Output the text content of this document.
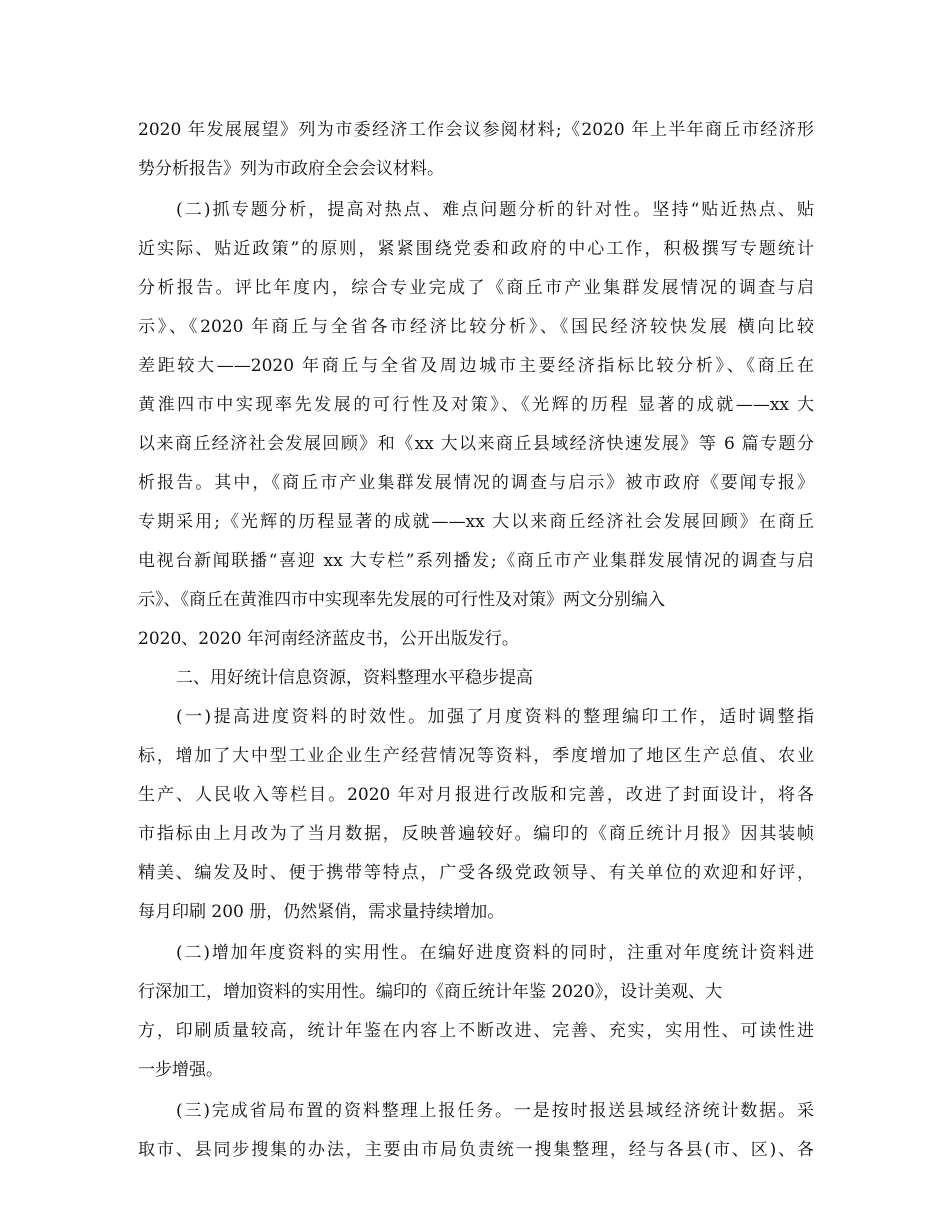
2020 年发展展望》列为市委经济工作会议参阅材料;《2020 年上半年商丘市经济形
势分析报告》列为市政府全会会议材料。
(二)抓专题分析，提高对热点、难点问题分析的针对性。坚持“贴近热点、贴
近实际、贴近政策”的原则，紧紧围绕党委和政府的中心工作，积极撰写专题统计
分析报告。评比年度内，综合专业完成了《商丘市产业集群发展情况的调查与启
示》、《2020 年商丘与全省各市经济比较分析》、《国民经济较快发展 横向比较
差距较大——2020 年商丘与全省及周边城市主要经济指标比较分析》、《商丘在
黄淮四市中实现率先发展的可行性及对策》、《光辉的历程 显著的成就——xx 大
以来商丘经济社会发展回顾》和《xx 大以来商丘县域经济快速发展》等 6 篇专题分
析报告。其中，《商丘市产业集群发展情况的调查与启示》被市政府《要闻专报》
专期采用;《光辉的历程显著的成就——xx 大以来商丘经济社会发展回顾》在商丘
电视台新闻联播“喜迎 xx 大专栏”系列播发;《商丘市产业集群发展情况的调查与启
示》、《商丘在黄淮四市中实现率先发展的可行性及对策》两文分别编入
2020、2020 年河南经济蓝皮书，公开出版发行。
二、用好统计信息资源，资料整理水平稳步提高
(一)提高进度资料的时效性。加强了月度资料的整理编印工作，适时调整指
标，增加了大中型工业企业生产经营情况等资料，季度增加了地区生产总值、农业
生产、人民收入等栏目。2020 年对月报进行改版和完善，改进了封面设计，将各
市指标由上月改为了当月数据，反映普遍较好。编印的《商丘统计月报》因其装帧
精美、编发及时、便于携带等特点，广受各级党政领导、有关单位的欢迎和好评，
每月印刷 200 册，仍然紧俏，需求量持续增加。
(二)增加年度资料的实用性。在编好进度资料的同时，注重对年度统计资料进
行深加工，增加资料的实用性。编印的《商丘统计年鉴 2020》，设计美观、大
方，印刷质量较高，统计年鉴在内容上不断改进、完善、充实，实用性、可读性进
一步增强。
(三)完成省局布置的资料整理上报任务。一是按时报送县域经济统计数据。采
取市、县同步搜集的办法，主要由市局负责统一搜集整理，经与各县(市、区)、各
